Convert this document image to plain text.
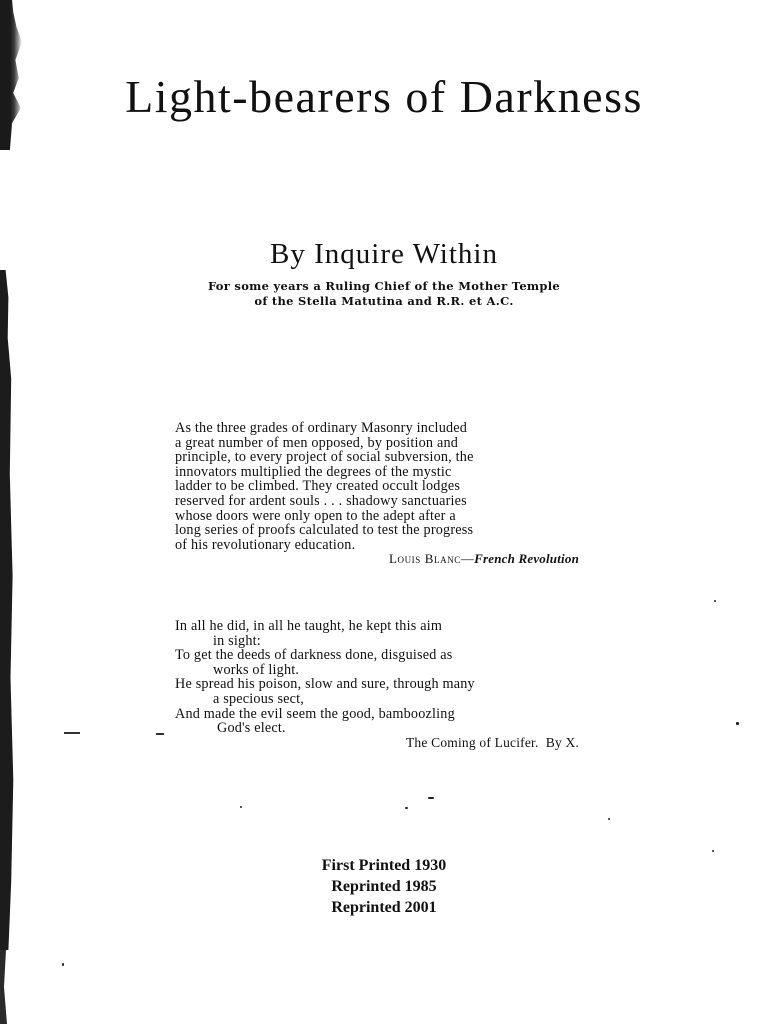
Light-bearers of Darkness
By Inquire Within
For some years a Ruling Chief of the Mother Temple
of the Stella Matutina and R.R. et A.C.
As the three grades of ordinary Masonry included
a great number of men opposed, by position and
principle, to every project of social subversion, the
innovators multiplied the degrees of the mystic
ladder to be climbed. They created occult lodges
reserved for ardent souls . . . shadowy sanctuaries
whose doors were only open to the adept after a
long series of proofs calculated to test the progress
of his revolutionary education.
Louis Blanc—French Revolution
In all he did, in all he taught, he kept this aim
in sight:
To get the deeds of darkness done, disguised as
works of light.
He spread his poison, slow and sure, through many
a specious sect,
And made the evil seem the good, bamboozling
God's elect.
The Coming of Lucifer. By X.
First Printed 1930
Reprinted 1985
Reprinted 2001
